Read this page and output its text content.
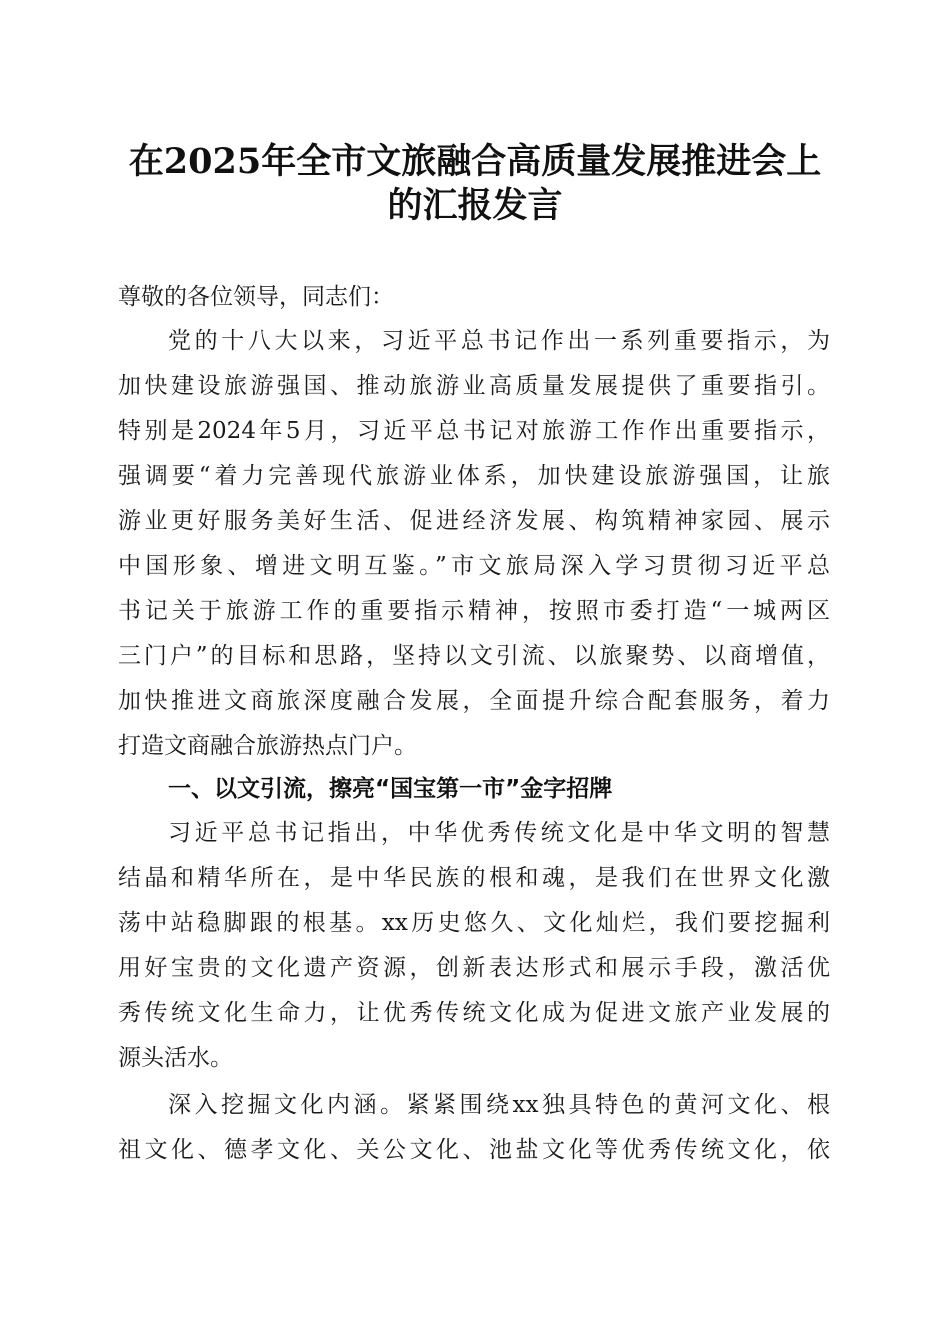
在2025年全市文旅融合高质量发展推进会上
的汇报发言

尊敬的各位领导，同志们：

党的十八大以来，习近平总书记作出一系列重要指示，为

加快建设旅游强国、推动旅游业高质量发展提供了重要指引。

特别是2024年5月，习近平总书记对旅游工作作出重要指示，

强调要“着力完善现代旅游业体系，加快建设旅游强国，让旅

游业更好服务美好生活、促进经济发展、构筑精神家园、展示

中国形象、增进文明互鉴。”市文旅局深入学习贯彻习近平总

书记关于旅游工作的重要指示精神，按照市委打造“一城两区

三门户”的目标和思路，坚持以文引流、以旅聚势、以商增值，

加快推进文商旅深度融合发展，全面提升综合配套服务，着力

打造文商融合旅游热点门户。

一、以文引流，擦亮“国宝第一市”金字招牌

习近平总书记指出，中华优秀传统文化是中华文明的智慧

结晶和精华所在，是中华民族的根和魂，是我们在世界文化激

荡中站稳脚跟的根基。xx历史悠久、文化灿烂，我们要挖掘利

用好宝贵的文化遗产资源，创新表达形式和展示手段，激活优

秀传统文化生命力，让优秀传统文化成为促进文旅产业发展的

源头活水。

深入挖掘文化内涵。紧紧围绕xx独具特色的黄河文化、根

祖文化、德孝文化、关公文化、池盐文化等优秀传统文化，依
